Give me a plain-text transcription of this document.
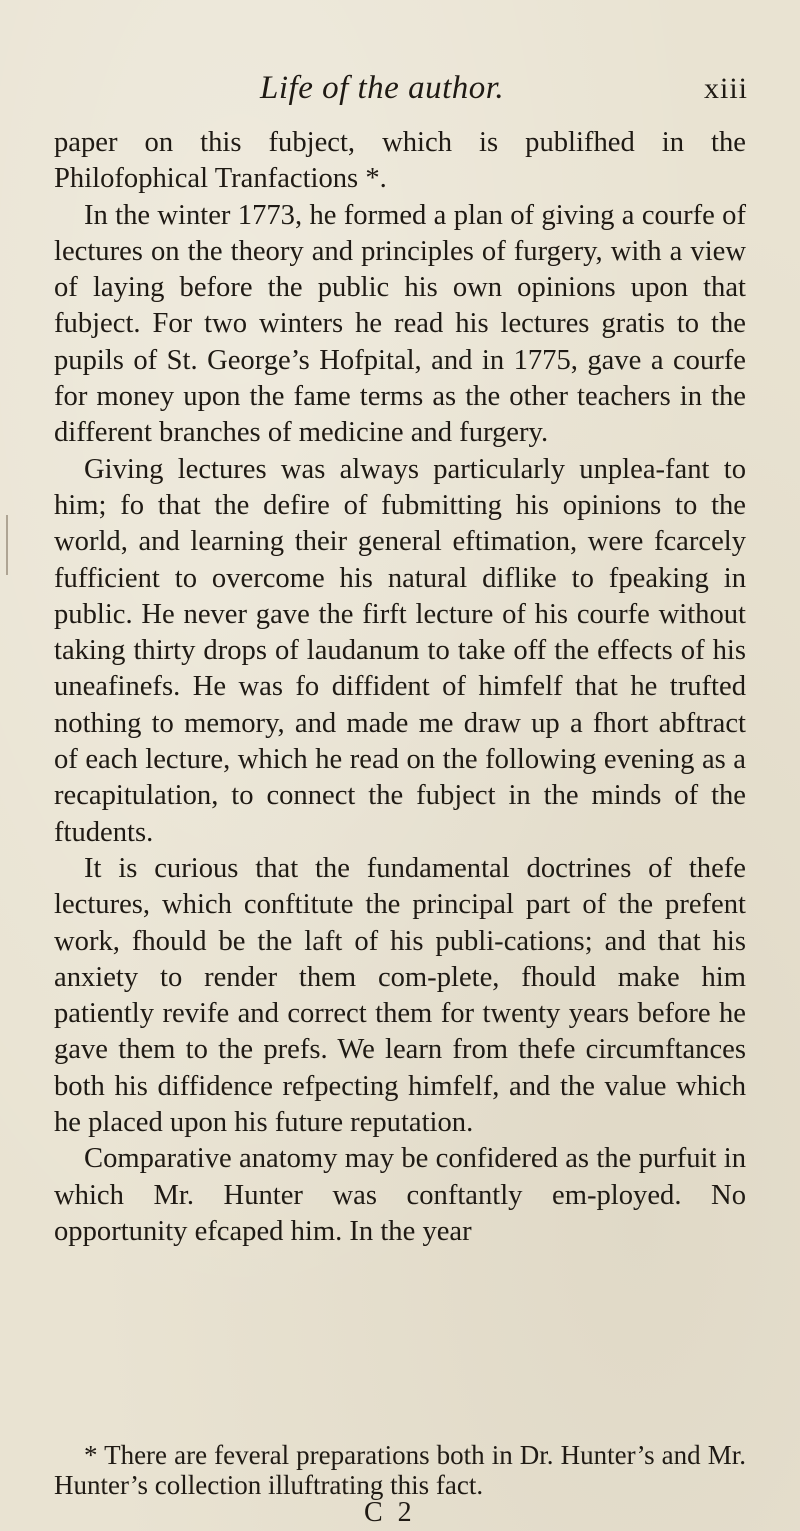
Life of the author.	xiii

paper on this fubject, which is publifhed in the Philofophical Tranfactions *.

In the winter 1773, he formed a plan of giving a courfe of lectures on the theory and principles of furgery, with a view of laying before the public his own opinions upon that fubject. For two winters he read his lectures gratis to the pupils of St. George’s Hofpital, and in 1775, gave a courfe for money upon the fame terms as the other teachers in the different branches of medicine and furgery.

Giving lectures was always particularly unplea-fant to him; fo that the defire of fubmitting his opinions to the world, and learning their general eftimation, were fcarcely fufficient to overcome his natural diflike to fpeaking in public. He never gave the firft lecture of his courfe without taking thirty drops of laudanum to take off the effects of his uneafinefs. He was fo diffident of himfelf that he trufted nothing to memory, and made me draw up a fhort abftract of each lecture, which he read on the following evening as a recapitulation, to connect the fubject in the minds of the ftudents.

It is curious that the fundamental doctrines of thefe lectures, which conftitute the principal part of the prefent work, fhould be the laft of his publi-cations; and that his anxiety to render them com-plete, fhould make him patiently revife and correct them for twenty years before he gave them to the prefs. We learn from thefe circumftances both his diffidence refpecting himfelf, and the value which he placed upon his future reputation.

Comparative anatomy may be confidered as the purfuit in which Mr. Hunter was conftantly em-ployed. No opportunity efcaped him. In the year

* There are feveral preparations both in Dr. Hunter’s and Mr. Hunter’s collection illuftrating this fact.

C 2
